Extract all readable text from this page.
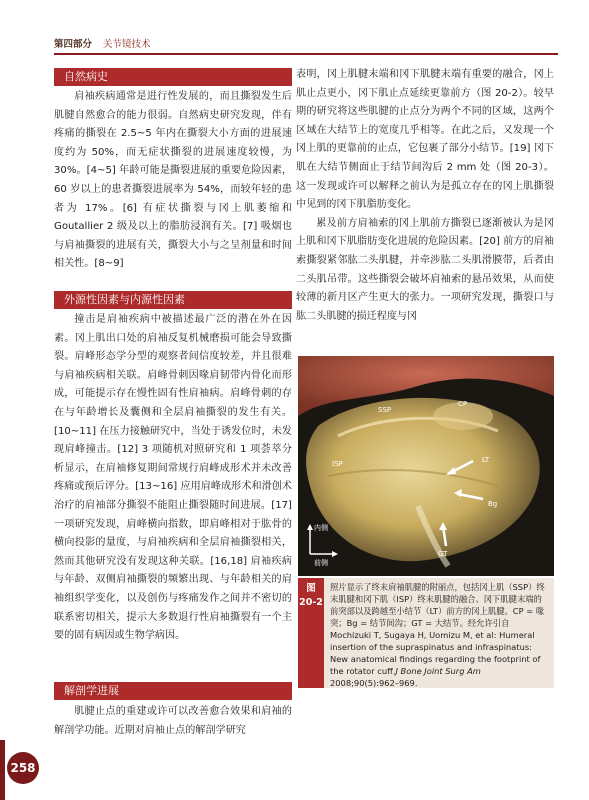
第四部分 关节镜技术
自然病史

肩袖疾病通常是进行性发展的，而且撕裂发生后肌腱自然愈合的能力很弱。自然病史研究发现，伴有疼痛的撕裂在 2.5~5 年内在撕裂大小方面的进展速度约为 50%，而无症状撕裂的进展速度较慢，为 30%。[4~5] 年龄可能是撕裂进展的重要危险因素，60 岁以上的患者撕裂进展率为 54%，而较年轻的患者为 17%。[6] 有症状撕裂与冈上肌萎缩和 Goutallier 2 级及以上的脂肪浸润有关。[7] 吸烟也与肩袖撕裂的进展有关，撕裂大小与之呈剂量和时间相关性。[8~9]

外源性因素与内源性因素

撞击是肩袖疾病中被描述最广泛的潜在外在因素。冈上肌出口处的肩袖反复机械磨损可能会导致撕裂。肩峰形态学分型的观察者间信度较差，并且很难与肩袖疾病相关联。肩峰骨刺因喙肩韧带内骨化而形成，可能提示存在慢性固有性肩袖病。肩峰骨刺的存在与年龄增长及囊侧和全层肩袖撕裂的发生有关。[10~11] 在压力接触研究中，当处于诱发位时，未发现肩峰撞击。[12] 3 项随机对照研究和 1 项荟萃分析显示，在肩袖修复期间常规行肩峰成形术并未改善疼痛或预后评分。[13~16] 应用肩峰成形术和滑创术治疗的肩袖部分撕裂不能阻止撕裂随时间进展。[17] 一项研究发现，肩峰横向指数，即肩峰相对于肱骨的横向投影的量度，与肩袖疾病和全层肩袖撕裂相关，然而其他研究没有发现这种关联。[16,18] 肩袖疾病与年龄、双侧肩袖撕裂的频繁出现、与年龄相关的肩袖组织学变化，以及创伤与疼痛发作之间并不密切的联系密切相关，提示大多数退行性肩袖撕裂有一个主要的固有病因或生物学病因。

解剖学进展

肌腱止点的重建或许可以改善愈合效果和肩袖的解剖学功能。近期对肩袖止点的解剖学研究

表明，冈上肌腱末端和冈下肌腱末端有重要的融合，冈上肌止点更小，冈下肌止点延续更靠前方（图 20-2）。较早期的研究将这些肌腱的止点分为两个不同的区域，这两个区域在大结节上的宽度几乎相等。在此之后，又发现一个冈上肌的更靠前的止点，它包裹了部分小结节。[19] 冈下肌在大结节侧面止于结节间沟后 2 mm 处（图 20-3）。这一发现或许可以解释之前认为是孤立存在的冈上肌撕裂中见到的冈下肌脂肪变化。

累及前方肩袖索的冈上肌前方撕裂已逐渐被认为是冈上肌和冈下肌脂肪变化进展的危险因素。[20] 前方的肩袖索撕裂紧邻肱二头肌腱，并牵涉肱二头肌滑膜带，后者由二头肌吊带。这些撕裂会破坏肩袖索的悬吊效果，从而使较薄的新月区产生更大的张力。一项研究发现，撕裂口与肱二头肌腱的损迁程度与冈

SSP
CP
ISP	LT
Bg
GT
内侧
前侧
图
20-2
照片显示了终末肩袖肌腱的附丽点，包括冈上肌（SSP）终末肌腱和冈下肌（ISP）终末肌腱的融合、冈下肌腱末端的前突部以及跨越至小结节（LT）前方的冈上肌腱。CP = 喙突；Bg = 结节间沟；GT = 大结节。经允许引自 Mochizuki T, Sugaya H, Uomizu M, et al: Humeral insertion of the supraspinatus and infraspinatus: New anatomical findings regarding the footprint of the rotator cuff.J Bone Joint Surg Am 2008;90(5):962–969.
258
